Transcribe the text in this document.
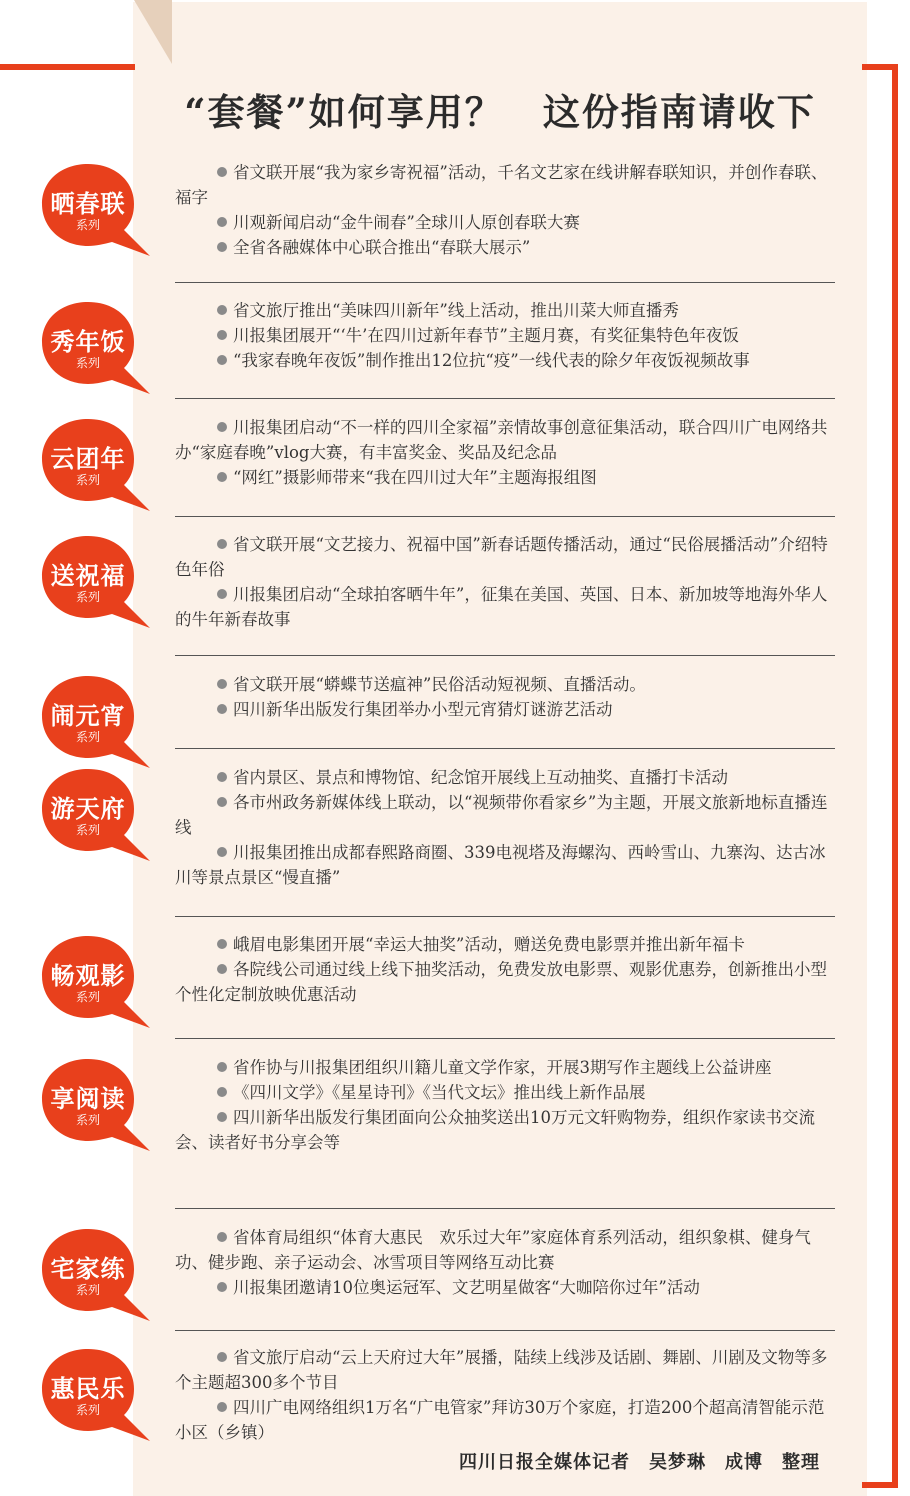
“套餐”如何享用？　这份指南请收下
晒春联
系列

省文联开展“我为家乡寄祝福”活动，千名文艺家在线讲解春联知识，并创作春联、福字

川观新闻启动“金牛闹春”全球川人原创春联大赛

全省各融媒体中心联合推出“春联大展示”

秀年饭
系列

省文旅厅推出“美味四川新年”线上活动，推出川菜大师直播秀

川报集团展开“‘牛’在四川过新年春节”主题月赛，有奖征集特色年夜饭

“我家春晚年夜饭”制作推出12位抗“疫”一线代表的除夕年夜饭视频故事

云团年
系列

川报集团启动“不一样的四川全家福”亲情故事创意征集活动，联合四川广电网络共办“家庭春晚”vlog大赛，有丰富奖金、奖品及纪念品

“网红”摄影师带来“我在四川过大年”主题海报组图

送祝福
系列

省文联开展“文艺接力、祝福中国”新春话题传播活动，通过“民俗展播活动”介绍特色年俗

川报集团启动“全球拍客晒牛年”，征集在美国、英国、日本、新加坡等地海外华人的牛年新春故事

闹元宵
系列

省文联开展“蟒蝶节送瘟神”民俗活动短视频、直播活动。

四川新华出版发行集团举办小型元宵猜灯谜游艺活动

游天府
系列

省内景区、景点和博物馆、纪念馆开展线上互动抽奖、直播打卡活动

各市州政务新媒体线上联动，以“视频带你看家乡”为主题，开展文旅新地标直播连线

川报集团推出成都春熙路商圈、339电视塔及海螺沟、西岭雪山、九寨沟、达古冰川等景点景区“慢直播”

畅观影
系列

峨眉电影集团开展“幸运大抽奖”活动，赠送免费电影票并推出新年福卡

各院线公司通过线上线下抽奖活动，免费发放电影票、观影优惠券，创新推出小型个性化定制放映优惠活动

享阅读
系列

省作协与川报集团组织川籍儿童文学作家，开展3期写作主题线上公益讲座

《四川文学》《星星诗刊》《当代文坛》推出线上新作品展

四川新华出版发行集团面向公众抽奖送出10万元文轩购物券，组织作家读书交流会、读者好书分享会等

宅家练
系列

省体育局组织“体育大惠民　欢乐过大年”家庭体育系列活动，组织象棋、健身气功、健步跑、亲子运动会、冰雪项目等网络互动比赛

川报集团邀请10位奥运冠军、文艺明星做客“大咖陪你过年”活动

惠民乐
系列

省文旅厅启动“云上天府过大年”展播，陆续上线涉及话剧、舞剧、川剧及文物等多个主题超300多个节目

四川广电网络组织1万名“广电管家”拜访30万个家庭，打造200个超高清智能示范小区（乡镇）

四川日报全媒体记者　吴梦琳　成博　整理
